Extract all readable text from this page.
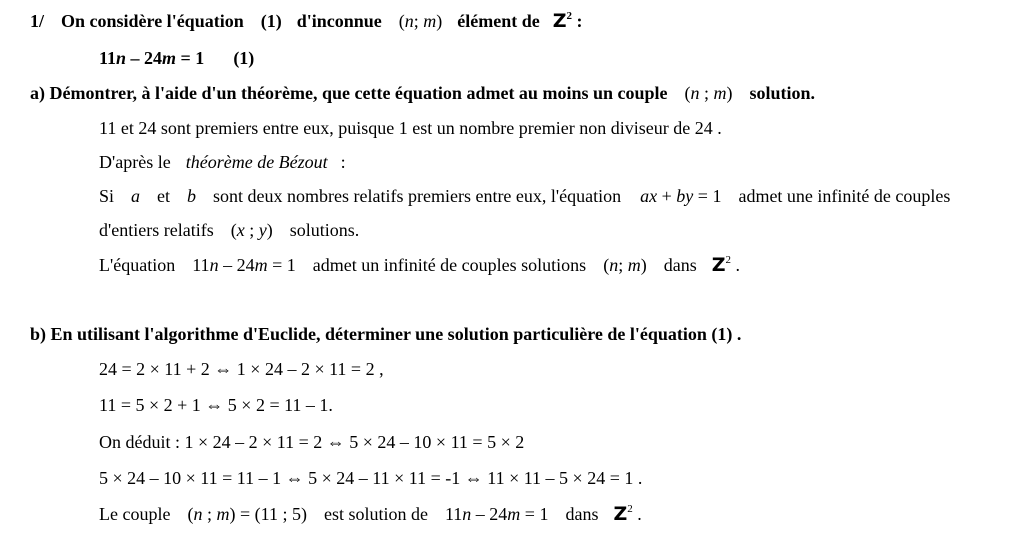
1/ On considère l'équation (1) d'inconnue (n; m) élément de $Z^2$ :
11n – 24m = 1 (1)
a) Démontrer, à l'aide d'un théorème, que cette équation admet au moins un couple (n ; m) solution.
11 et 24 sont premiers entre eux, puisque 1 est un nombre premier non diviseur de 24 .
D'après le théorème de Bézout :
Si a et b sont deux nombres relatifs premiers entre eux, l'équation ax + by = 1 admet une infinité de couples
d'entiers relatifs (x ; y) solutions.
L'équation 11n – 24m = 1 admet un infinité de couples solutions (n; m) dans $Z^2$ .
b) En utilisant l'algorithme d'Euclide, déterminer une solution particulière de l'équation (1) .
24 = 2 × 11 + 2 ⇔ 1 × 24 – 2 × 11 = 2 ,
11 = 5 × 2 + 1 ⇔ 5 × 2 = 11 – 1.
On déduit : 1 × 24 – 2 × 11 = 2 ⇔ 5 × 24 – 10 × 11 = 5 × 2
5 × 24 – 10 × 11 = 11 – 1 ⇔ 5 × 24 – 11 × 11 = -1 ⇔ 11 × 11 – 5 × 24 = 1 .
Le couple (n ; m) = (11 ; 5) est solution de 11n – 24m = 1 dans $Z^2$ .
